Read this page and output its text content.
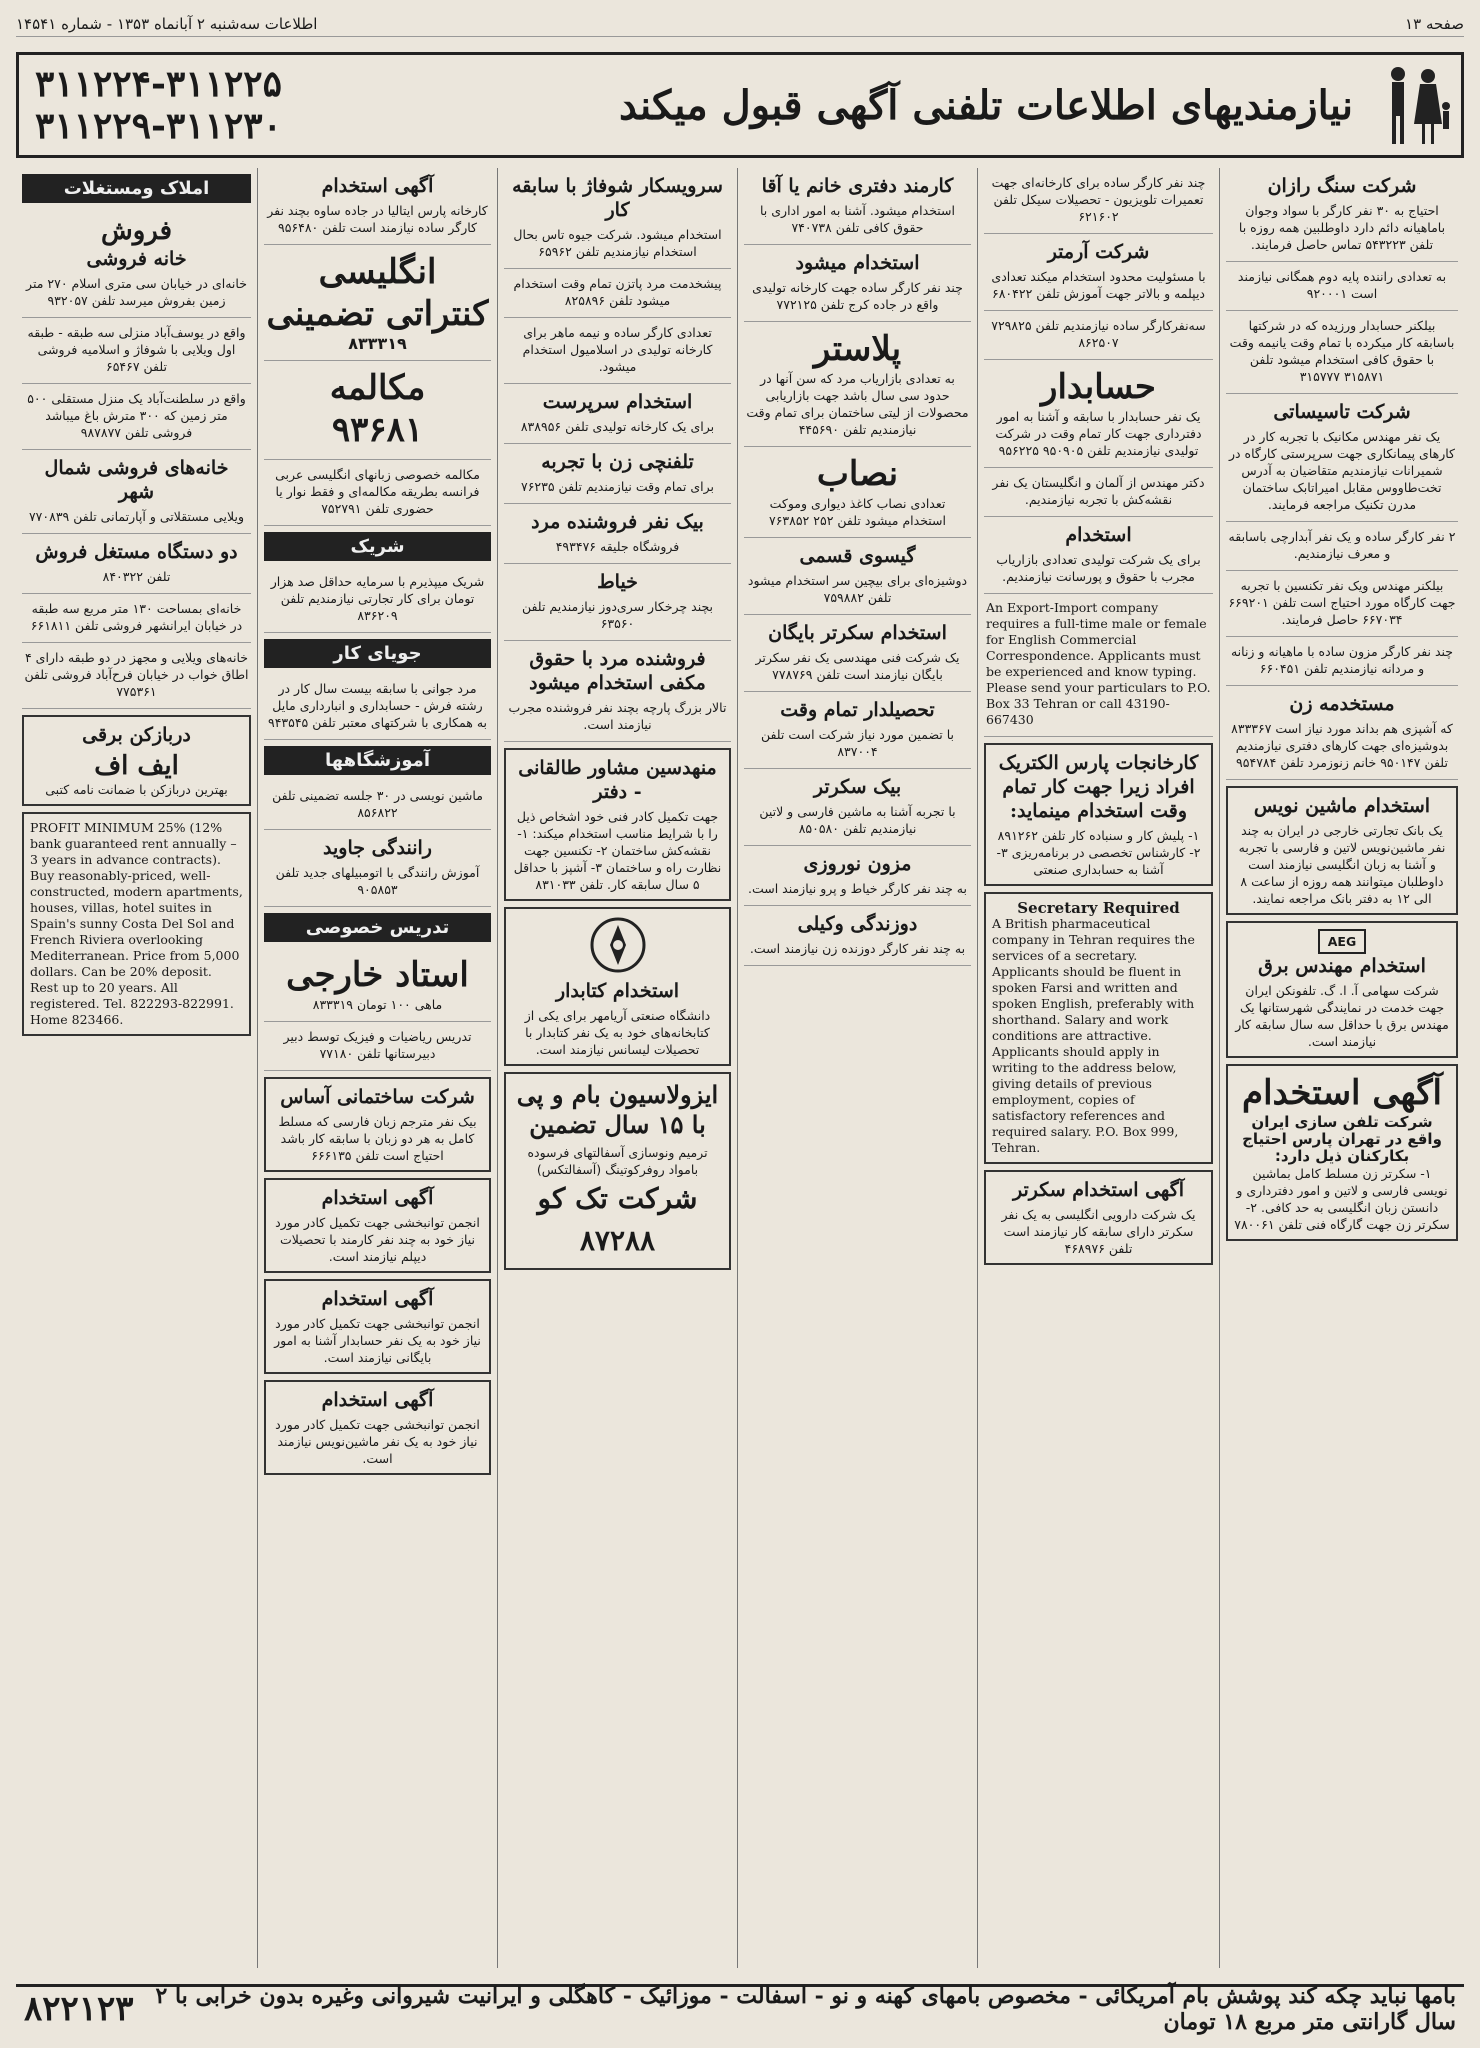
صفحه ۱۳
اطلاعات سه‌شنبه ۲ آبانماه ۱۳۵۳ - شماره ۱۴۵۴۱
نیازمندیهای اطلاعات تلفنی آگهی قبول میکند
۳۱۱۲۲۴-۳۱۱۲۲۵
۳۱۱۲۲۹-۳۱۱۲۳۰
شرکت سنگ رازان
احتیاج به ۳۰ نفر کارگر با سواد وجوان باماهیانه دائم دارد داوطلبین همه روزه با تلفن ۵۴۳۲۲۳ تماس حاصل فرمایند.
به تعدادی راننده پایه دوم همگانی نیازمند است ۹۲۰۰۰۱
بیلکنر حسابدار ورزیده که در شرکتها باسابقه کار میکرده با تمام وقت یانیمه وقت با حقوق کافی استخدام میشود تلفن ۳۱۵۸۷۱ ۳۱۵۷۷۷
شرکت تاسیساتی
یک نفر مهندس مکانیک با تجربه کار در کارهای پیمانکاری جهت سرپرستی کارگاه در شمیرانات نیازمندیم متقاضیان به آدرس تخت‌طاووس مقابل امیراتابک ساختمان مدرن تکنیک مراجعه فرمایند.
۲ نفر کارگر ساده و یک نفر آبدارچی باسابقه و معرف نیازمندیم.
بیلکنر مهندس ویک نفر تکنسین با تجربه جهت کارگاه مورد احتیاج است تلفن ۶۶۹۲۰۱ ۶۶۷۰۳۴ حاصل فرمایند.
چند نفر کارگر مزون ساده با ماهیانه و زنانه و مردانه نیازمندیم تلفن ۶۶۰۴۵۱
مستخدمه زن
که آشپزی هم بداند مورد نیاز است ۸۳۳۳۶۷ بدوشیزه‌ای جهت کارهای دفتری نیازمندیم تلفن ۹۵۰۱۴۷ خانم زنوزمرد تلفن ۹۵۴۷۸۴
استخدام ماشین نویس
یک بانک تجارتی خارجی در ایران به چند نفر ماشین‌نویس لاتین و فارسی با تجربه و آشنا به زبان انگلیسی نیازمند است داوطلبان میتوانند همه روزه از ساعت ۸ الی ۱۲ به دفتر بانک مراجعه نمایند.
AEG
استخدام مهندس برق
شرکت سهامی آ. ا. گ. تلفونکن ایران جهت خدمت در نمایندگی شهرستانها یک مهندس برق با حداقل سه سال سابقه کار نیازمند است.
آگهی استخدام
شرکت تلفن سازی ایران واقع در تهران پارس احتیاج بکارکنان ذیل دارد:
۱- سکرتر زن مسلط کامل بماشین نویسی فارسی و لاتین و امور دفترداری و دانستن زبان انگلیسی به حد کافی. ۲- سکرتر زن جهت گارگاه فنی تلفن ۷۸۰۰۶۱
چند نفر کارگر ساده برای کارخانه‌ای جهت تعمیرات تلویزیون - تحصیلات سیکل تلفن ۶۲۱۶۰۲
شرکت آرمتر
با مسئولیت محدود استخدام میکند تعدادی دیپلمه و بالاتر جهت آموزش تلفن ۶۸۰۴۲۲
سه‌نفرکارگر ساده نیازمندیم تلفن ۷۲۹۸۲۵ ۸۶۲۵۰۷
حسابدار
یک نفر حسابدار با سابقه و آشنا به امور دفترداری جهت کار تمام وقت در شرکت تولیدی نیازمندیم تلفن ۹۵۰۹۰۵ ۹۵۶۲۲۵
دکتر مهندس از آلمان و انگلیستان یک نفر نقشه‌کش با تجربه نیازمندیم.
استخدام
برای یک شرکت تولیدی تعدادی بازاریاب مجرب با حقوق و پورسانت نیازمندیم.
An Export-Import company requires a full-time male or female for English Commercial Correspondence. Applicants must be experienced and know typing. Please send your particulars to P.O. Box 33 Tehran or call 43190-667430
کارخانجات پارس الکتریک افراد زیرا جهت کار تمام وقت استخدام مینماید:
۱- پلیش کار و سنباده کار تلفن ۸۹۱۲۶۲ ۲- کارشناس تخصصی در برنامه‌ریزی ۳- آشنا به حسابداری صنعتی
Secretary Required
A British pharmaceutical company in Tehran requires the services of a secretary. Applicants should be fluent in spoken Farsi and written and spoken English, preferably with shorthand. Salary and work conditions are attractive. Applicants should apply in writing to the address below, giving details of previous employment, copies of satisfactory references and required salary. P.O. Box 999, Tehran.
آگهی استخدام سکرتر
یک شرکت دارویی انگلیسی به یک نفر سکرتر دارای سابقه کار نیازمند است تلفن ۴۶۸۹۷۶
کارمند دفتری خانم یا آقا
استخدام میشود. آشنا به امور اداری با حقوق کافی تلفن ۷۴۰۷۳۸
استخدام میشود
چند نفر کارگر ساده جهت کارخانه تولیدی واقع در جاده کرج تلفن ۷۷۲۱۲۵
پلاستر
به تعدادی بازاریاب مرد که سن آنها در حدود سی سال باشد جهت بازاریابی محصولات از لیتی ساختمان برای تمام وقت نیازمندیم تلفن ۴۴۵۶۹۰
نصاب
تعدادی نصاب کاغذ دیواری وموکت استخدام میشود تلفن ۲۵۲ ۷۶۳۸۵۲
گیسوی قسمی
دوشیزه‌ای برای بیچین سر استخدام میشود تلفن ۷۵۹۸۸۲
استخدام سکرتر بایگان
یک شرکت فنی مهندسی یک نفر سکرتر بایگان نیازمند است تلفن ۷۷۸۷۶۹
تحصیلدار تمام وقت
با تضمین مورد نیاز شرکت است تلفن ۸۳۷۰۰۴
بیک سکرتر
با تجربه آشنا به ماشین فارسی و لاتین نیازمندیم تلفن ۸۵۰۵۸۰
مزون نوروزی
به چند نفر کارگر خیاط و پرو نیازمند است.
دوزندگی وکیلی
به چند نفر کارگر دوزنده زن نیازمند است.
سرویسکار شوفاژ با سابقه کار
استخدام میشود. شرکت جیوه تاس بحال استخدام نیازمندیم تلفن ۶۵۹۶۲
پیشخدمت مرد پاتزن تمام وقت استخدام میشود تلفن ۸۲۵۸۹۶
تعدادی کارگر ساده و نیمه ماهر برای کارخانه تولیدی در اسلامیول استخدام میشود.
استخدام سرپرست
برای یک کارخانه تولیدی تلفن ۸۳۸۹۵۶
تلفنچی زن با تجربه
برای تمام وقت نیازمندیم تلفن ۷۶۲۳۵
بیک نفر فروشنده مرد
فروشگاه جلیقه ۴۹۳۴۷۶
خیاط
بچند چرخکار سری‌دوز نیازمندیم تلفن ۶۳۵۶۰
فروشنده مرد با حقوق مکفی استخدام میشود
تالار بزرگ پارچه بچند نفر فروشنده مجرب نیازمند است.
منهدسین مشاور طالقانی - دفتر
جهت تکمیل کادر فنی خود اشخاص ذیل را با شرایط مناسب استخدام میکند: ۱- نقشه‌کش ساختمان ۲- تکنسین جهت نظارت راه و ساختمان ۳- آشپز با حداقل ۵ سال سابقه کار. تلفن ۸۳۱۰۳۳
استخدام کتابدار
دانشگاه صنعتی آریامهر برای یکی از کتابخانه‌های خود به یک نفر کتابدار با تحصیلات لیسانس نیازمند است.
ایزولاسیون بام و پی با ۱۵ سال تضمین
ترمیم ونوسازی آسفالتهای فرسوده بامواد روفرکوتینگ (آسفالتکس)
شرکت تک کو
۸۷۲۸۸
آگهی استخدام
کارخانه پارس ایتالیا در جاده ساوه بچند نفر کارگر ساده نیازمند است تلفن ۹۵۶۴۸۰
انگلیسی کنتراتی تضمینی
۸۳۳۳۱۹
مکالمه
۹۳۶۸۱
مکالمه خصوصی زبانهای انگلیسی عربی فرانسه بطریقه مکالمه‌ای و فقط نوار یا حضوری تلفن ۷۵۲۷۹۱
شریک
شریک میپذیرم با سرمایه حداقل صد هزار تومان برای کار تجارتی نیازمندیم تلفن ۸۳۶۲۰۹
جویای کار
مرد جوانی با سابقه بیست سال کار در رشته فرش - حسابداری و انبارداری مایل به همکاری با شرکتهای معتبر تلفن ۹۴۳۵۴۵
آموزشگاهها
ماشین نویسی در ۳۰ جلسه تضمینی تلفن ۸۵۶۸۲۲
رانندگی جاوید
آموزش رانندگی با اتومبیلهای جدید تلفن ۹۰۵۸۵۳
تدریس خصوصی
استاد خارجی
ماهی ۱۰۰ تومان ۸۳۳۳۱۹
تدریس ریاضیات و فیزیک توسط دبیر دبیرستانها تلفن ۷۷۱۸۰
شرکت ساختمانی آساس
بیک نفر مترجم زبان فارسی که مسلط کامل به هر دو زبان با سابقه کار باشد احتیاج است تلفن ۶۶۶۱۳۵
آگهی استخدام
انجمن توانبخشی جهت تکمیل کادر مورد نیاز خود به چند نفر کارمند با تحصیلات دیپلم نیازمند است.
آگهی استخدام
انجمن توانبخشی جهت تکمیل کادر مورد نیاز خود به یک نفر حسابدار آشنا به امور بایگانی نیازمند است.
آگهی استخدام
انجمن توانبخشی جهت تکمیل کادر مورد نیاز خود به یک نفر ماشین‌نویس نیازمند است.
املاک ومستغلات
فروش
خانه فروشی
خانه‌ای در خیابان سی متری اسلام ۲۷۰ متر زمین بفروش میرسد تلفن ۹۳۲۰۵۷
واقع در یوسف‌آباد منزلی سه طبقه - طبقه اول ویلایی با شوفاژ و اسلامیه فروشی تلفن ۶۵۴۶۷
واقع در سلطنت‌آباد یک منزل مستقلی ۵۰۰ متر زمین که ۳۰۰ مترش باغ میباشد فروشی تلفن ۹۸۷۸۷۷
خانه‌های فروشی شمال شهر
ویلایی مستقلاتی و آپارتمانی تلفن ۷۷۰۸۳۹
دو دستگاه مستغل فروش
تلفن ۸۴۰۳۲۲
خانه‌ای بمساحت ۱۳۰ متر مربع سه طبقه در خیابان ایرانشهر فروشی تلفن ۶۶۱۸۱۱
خانه‌های ویلایی و مجهز در دو طبقه دارای ۴ اطاق خواب در خیابان فرح‌آباد فروشی تلفن ۷۷۵۳۶۱
دربازکن برقی
ایف اف
بهترین دربازکن با ضمانت نامه کتبی
PROFIT MINIMUM 25% (12% bank guaranteed rent annually – 3 years in advance contracts). Buy reasonably-priced, well-constructed, modern apartments, houses, villas, hotel suites in Spain's sunny Costa Del Sol and French Riviera overlooking Mediterranean. Price from 5,000 dollars. Can be 20% deposit. Rest up to 20 years. All registered. Tel. 822293-822991. Home 823466.
بامها نباید چکه کند پوشش بام آمریکائی - مخصوص بامهای کهنه و نو - اسفالت - موزائیک - کاهگلی و ایرانیت شیروانی وغیره بدون خرابی با ۲ سال گارانتی متر مربع ۱۸ تومان
۸۲۲۱۲۳
